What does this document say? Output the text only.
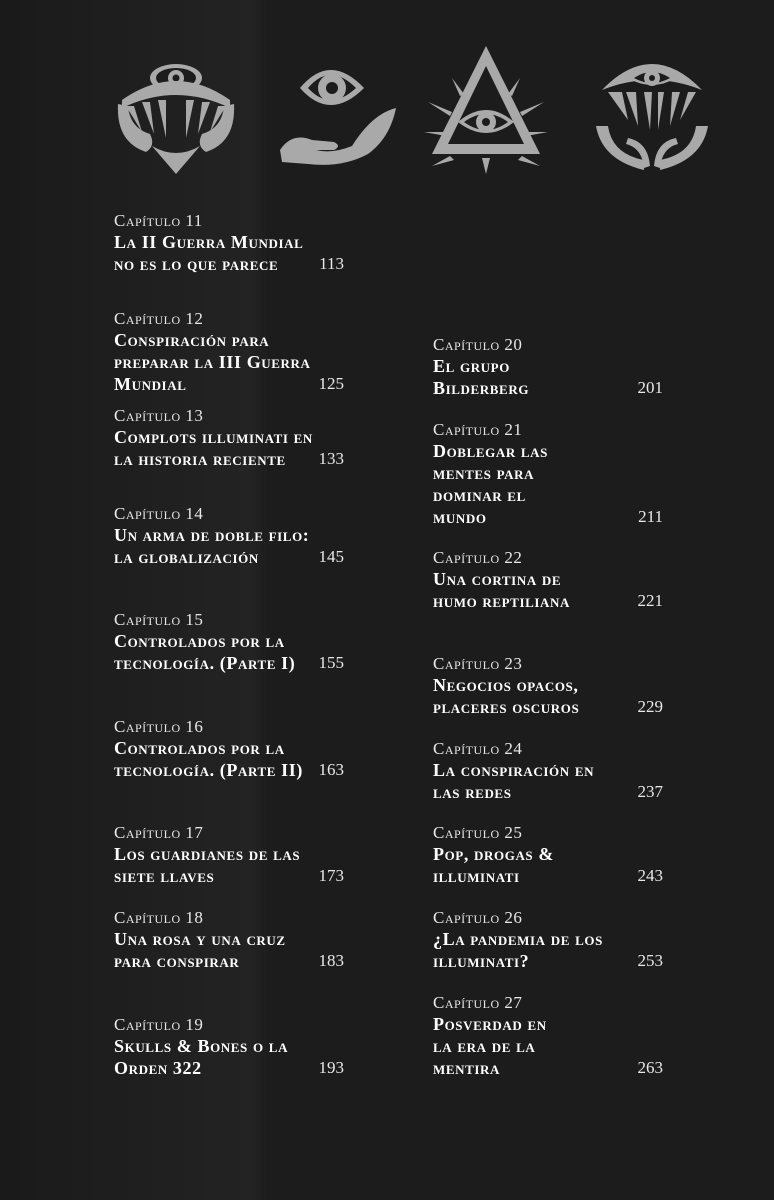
Capítulo 11
La II Guerra Mundial no es lo que parece	113
Capítulo 12
Conspiración para preparar la III Guerra Mundial	125
Capítulo 13
Complots illuminati en la historia reciente	133
Capítulo 14
Un arma de doble filo: la globalización	145
Capítulo 15
Controlados por la tecnología. (Parte I)	155
Capítulo 16
Controlados por la tecnología. (Parte II) 163
Capítulo 17
Los guardianes de las siete llaves	173
Capítulo 18
Una rosa y una cruz para conspirar	183
Capítulo 19
Skulls & Bones o la Orden 322	193
Capítulo 20
El grupo Bilderberg	201
Capítulo 21
Doblegar las mentes para dominar el mundo	211
Capítulo 22
Una cortina de humo reptiliana	221
Capítulo 23
Negocios opacos, placeres oscuros	229
Capítulo 24
La conspiración en las redes	237
Capítulo 25
Pop, drogas & illuminati	243
Capítulo 26
¿La pandemia de los illuminati?	253
Capítulo 27
Posverdad en la era de la mentira	263
